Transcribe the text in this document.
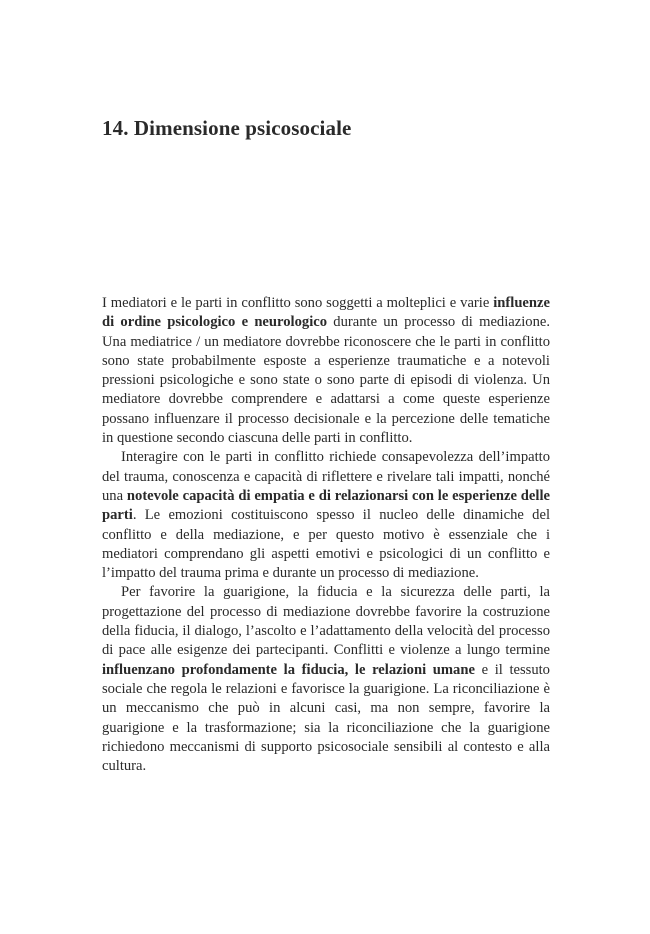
14. Dimensione psicosociale

I mediatori e le parti in conflitto sono soggetti a molteplici e varie influenze di ordine psicologico e neurologico durante un processo di mediazione. Una mediatrice / un mediatore dovrebbe riconoscere che le parti in conflitto sono state probabilmente esposte a esperienze traumatiche e a notevoli pressioni psicologiche e sono state o sono parte di episodi di violenza. Un mediatore dovrebbe comprendere e adattarsi a come queste esperienze possano influenzare il processo decisionale e la percezione delle tematiche in questione secondo ciascuna delle parti in conflitto.

Interagire con le parti in conflitto richiede consapevolezza dell’impatto del trauma, conoscenza e capacità di riflettere e rivelare tali impatti, nonché una notevole capacità di empatia e di relazionarsi con le esperienze delle parti. Le emozioni costituiscono spesso il nucleo delle dinamiche del conflitto e della mediazione, e per questo motivo è essenziale che i mediatori comprendano gli aspetti emotivi e psicologici di un conflitto e l’impatto del trauma prima e durante un processo di mediazione.

Per favorire la guarigione, la fiducia e la sicurezza delle parti, la progettazione del processo di mediazione dovrebbe favorire la costruzione della fiducia, il dialogo, l’ascolto e l’adattamento della velocità del processo di pace alle esigenze dei partecipanti. Conflitti e violenze a lungo termine influenzano profondamente la fiducia, le relazioni umane e il tessuto sociale che regola le relazioni e favorisce la guarigione. La riconciliazione è un meccanismo che può in alcuni casi, ma non sempre, favorire la guarigione e la trasformazione; sia la riconciliazione che la guarigione richiedono meccanismi di supporto psicosociale sensibili al contesto e alla cultura.
